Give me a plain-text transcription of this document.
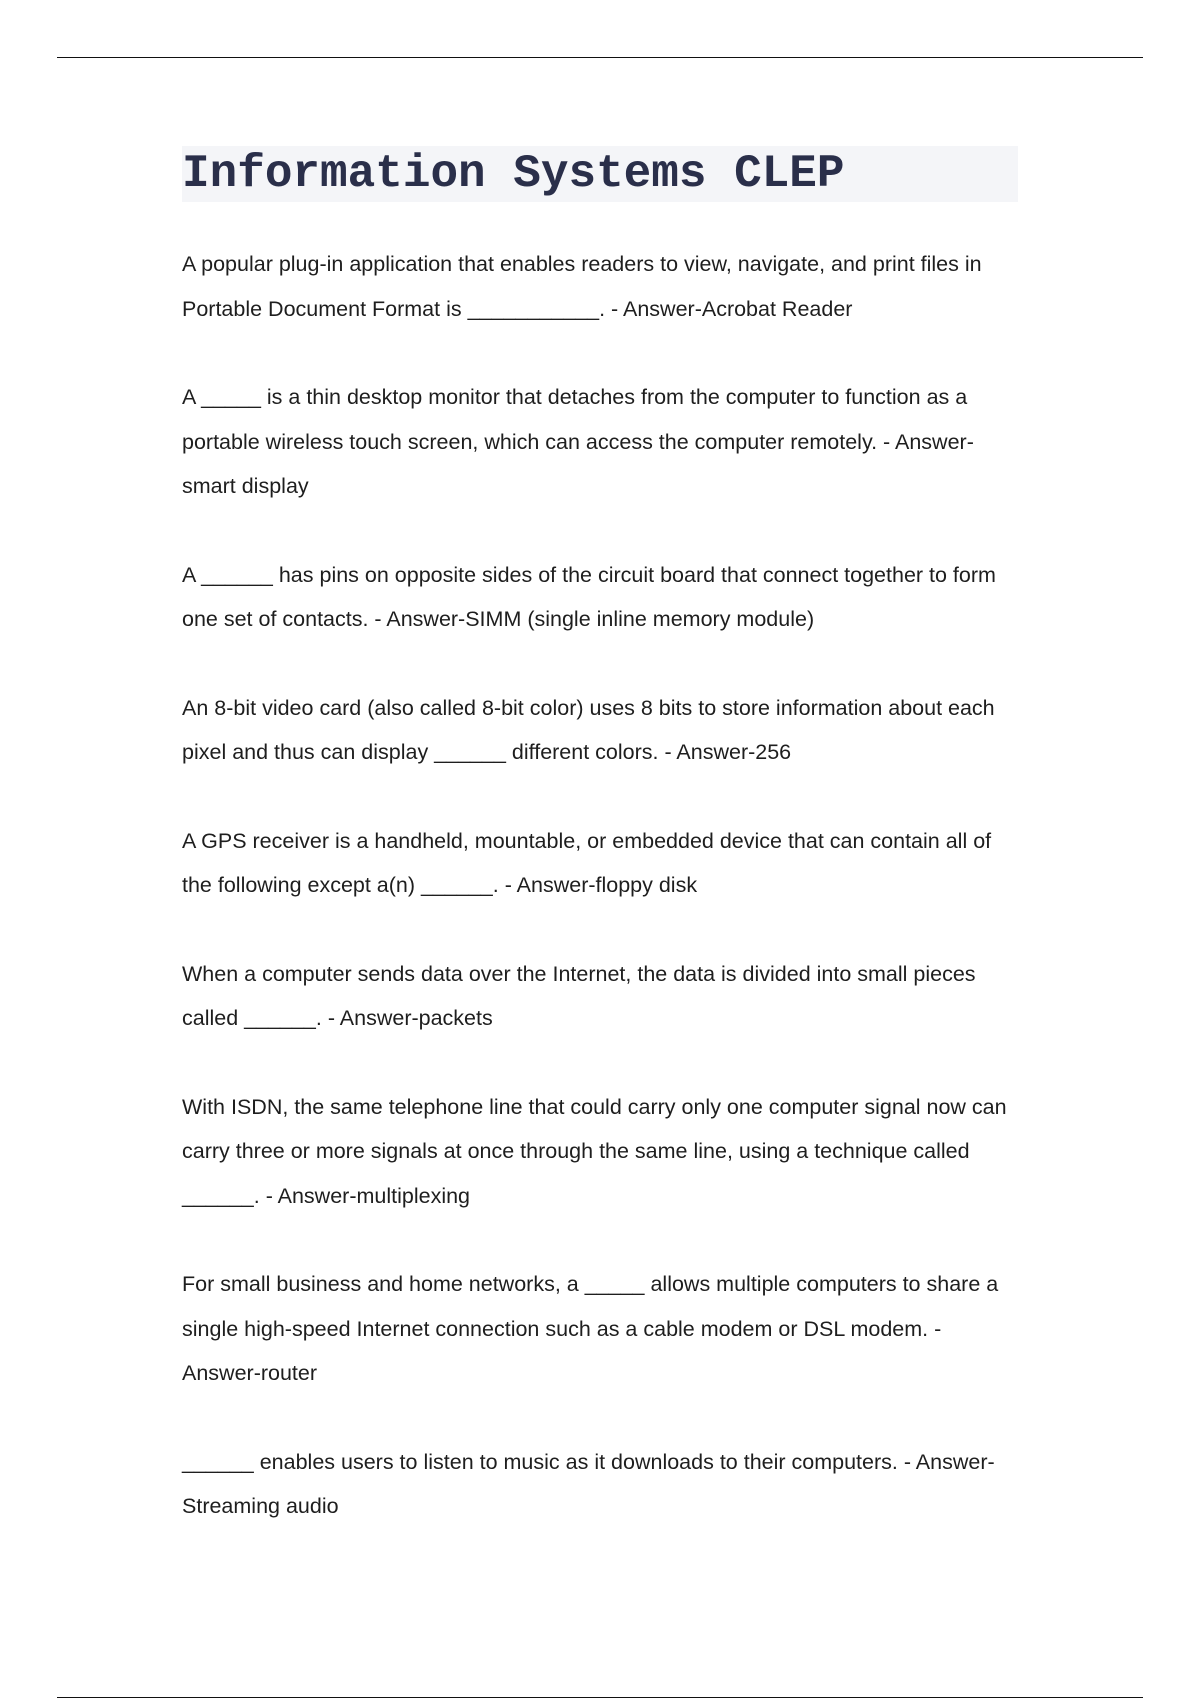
Information Systems CLEP
A popular plug-in application that enables readers to view, navigate, and print files in Portable Document Format is ___________. - Answer-Acrobat Reader
A _____ is a thin desktop monitor that detaches from the computer to function as a portable wireless touch screen, which can access the computer remotely. - Answer-smart display
A ______ has pins on opposite sides of the circuit board that connect together to form one set of contacts. - Answer-SIMM (single inline memory module)
An 8-bit video card (also called 8-bit color) uses 8 bits to store information about each pixel and thus can display ______ different colors. - Answer-256
A GPS receiver is a handheld, mountable, or embedded device that can contain all of the following except a(n) ______. - Answer-floppy disk
When a computer sends data over the Internet, the data is divided into small pieces called ______. - Answer-packets
With ISDN, the same telephone line that could carry only one computer signal now can carry three or more signals at once through the same line, using a technique called ______. - Answer-multiplexing
For small business and home networks, a _____ allows multiple computers to share a single high-speed Internet connection such as a cable modem or DSL modem. - Answer-router
______ enables users to listen to music as it downloads to their computers. - Answer-Streaming audio
